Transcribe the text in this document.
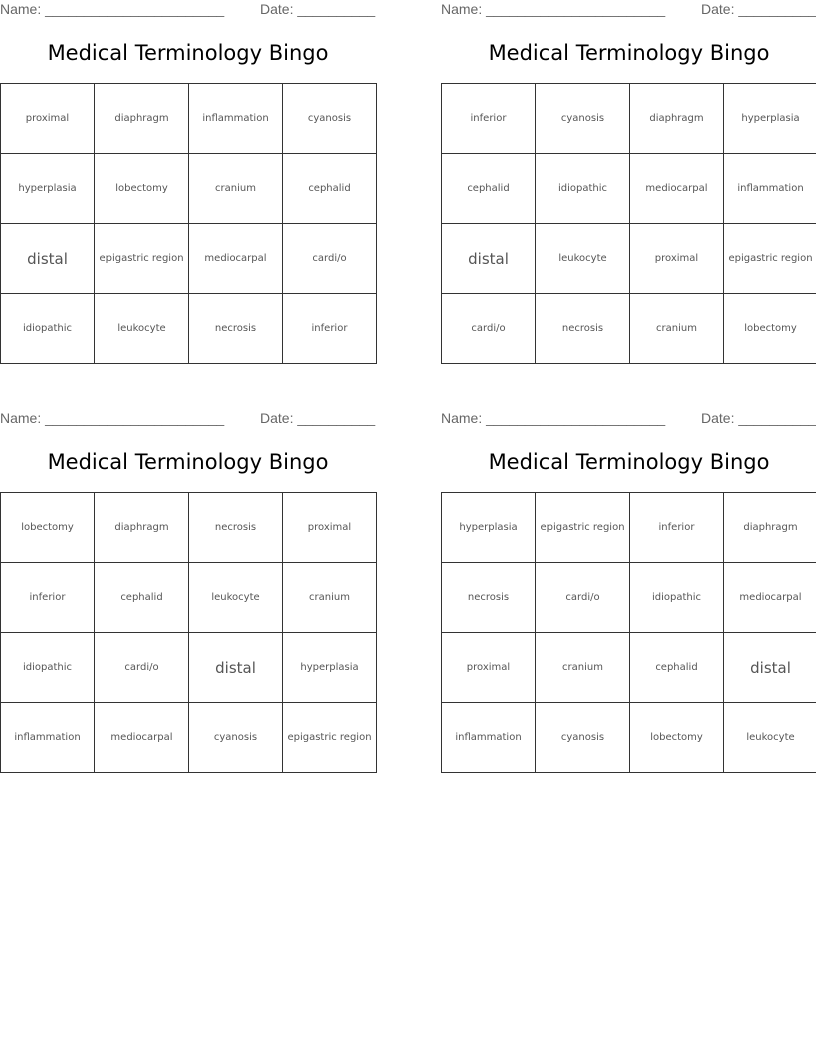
Name: _______________________	Date: __________
Medical Terminology Bingo
proximal	diaphragm	inflammation	cyanosis
hyperplasia	lobectomy	cranium	cephalid
distal	epigastric region	mediocarpal	cardi/o
idiopathic	leukocyte	necrosis	inferior
Name: _______________________	Date: __________
Medical Terminology Bingo
inferior	cyanosis	diaphragm	hyperplasia
cephalid	idiopathic	mediocarpal	inflammation
distal	leukocyte	proximal	epigastric region
cardi/o	necrosis	cranium	lobectomy
Name: _______________________	Date: __________
Medical Terminology Bingo
lobectomy	diaphragm	necrosis	proximal
inferior	cephalid	leukocyte	cranium
idiopathic	cardi/o	distal	hyperplasia
inflammation	mediocarpal	cyanosis	epigastric region
Name: _______________________	Date: __________
Medical Terminology Bingo
hyperplasia	epigastric region	inferior	diaphragm
necrosis	cardi/o	idiopathic	mediocarpal
proximal	cranium	cephalid	distal
inflammation	cyanosis	lobectomy	leukocyte
